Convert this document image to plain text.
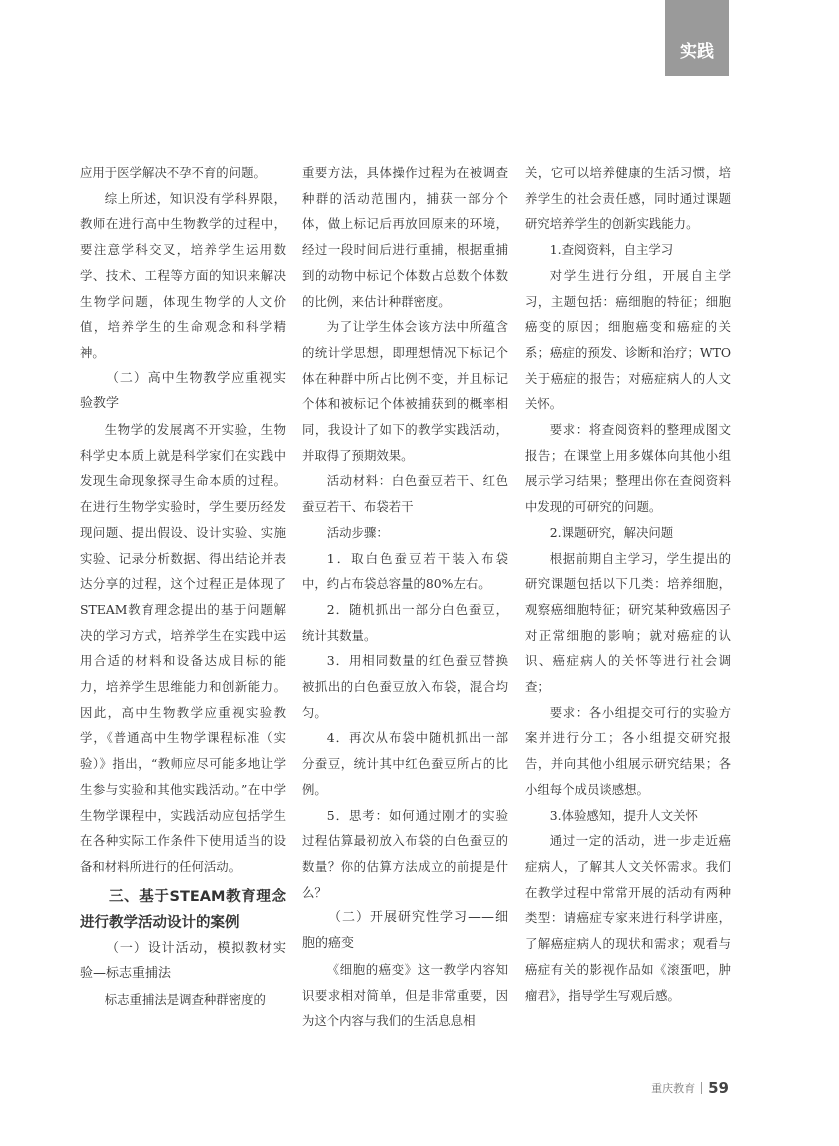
实践

应用于医学解决不孕不育的问题。

综上所述，知识没有学科界限，教师在进行高中生物教学的过程中，要注意学科交叉，培养学生运用数学、技术、工程等方面的知识来解决生物学问题，体现生物学的人文价值，培养学生的生命观念和科学精神。

（二）高中生物教学应重视实验教学

生物学的发展离不开实验，生物科学史本质上就是科学家们在实践中发现生命现象探寻生命本质的过程。在进行生物学实验时，学生要历经发现问题、提出假设、设计实验、实施实验、记录分析数据、得出结论并表达分享的过程，这个过程正是体现了STEAM教育理念提出的基于问题解决的学习方式，培养学生在实践中运用合适的材料和设备达成目标的能力，培养学生思维能力和创新能力。因此，高中生物教学应重视实验教学，《普通高中生物学课程标准（实验）》指出，“教师应尽可能多地让学生参与实验和其他实践活动。”在中学生物学课程中，实践活动应包括学生在各种实际工作条件下使用适当的设备和材料所进行的任何活动。

三、基于STEAM教育理念进行教学活动设计的案例

（一）设计活动，模拟教材实验—标志重捕法

标志重捕法是调查种群密度的

重要方法，具体操作过程为在被调查种群的活动范围内，捕获一部分个体，做上标记后再放回原来的环境，经过一段时间后进行重捕，根据重捕到的动物中标记个体数占总数个体数的比例，来估计种群密度。

为了让学生体会该方法中所蕴含的统计学思想，即理想情况下标记个体在种群中所占比例不变，并且标记个体和被标记个体被捕获到的概率相同，我设计了如下的教学实践活动，并取得了预期效果。

活动材料：白色蚕豆若干、红色蚕豆若干、布袋若干

活动步骤：

1．取白色蚕豆若干装入布袋中，约占布袋总容量的80%左右。

2．随机抓出一部分白色蚕豆，统计其数量。

3．用相同数量的红色蚕豆替换被抓出的白色蚕豆放入布袋，混合均匀。

4．再次从布袋中随机抓出一部分蚕豆，统计其中红色蚕豆所占的比例。

5．思考：如何通过刚才的实验过程估算最初放入布袋的白色蚕豆的数量？你的估算方法成立的前提是什么？

（二）开展研究性学习——细胞的癌变

《细胞的癌变》这一教学内容知识要求相对简单，但是非常重要，因为这个内容与我们的生活息息相

关，它可以培养健康的生活习惯，培养学生的社会责任感，同时通过课题研究培养学生的创新实践能力。

1.查阅资料，自主学习

对学生进行分组，开展自主学习，主题包括：癌细胞的特征；细胞癌变的原因；细胞癌变和癌症的关系；癌症的预发、诊断和治疗；WTO关于癌症的报告；对癌症病人的人文关怀。

要求：将查阅资料的整理成图文报告；在课堂上用多媒体向其他小组展示学习结果；整理出你在查阅资料中发现的可研究的问题。

2.课题研究，解决问题

根据前期自主学习，学生提出的研究课题包括以下几类：培养细胞，观察癌细胞特征；研究某种致癌因子对正常细胞的影响；就对癌症的认识、癌症病人的关怀等进行社会调查；

要求：各小组提交可行的实验方案并进行分工；各小组提交研究报告，并向其他小组展示研究结果；各小组每个成员谈感想。

3.体验感知，提升人文关怀

通过一定的活动，进一步走近癌症病人，了解其人文关怀需求。我们在教学过程中常常开展的活动有两种类型：请癌症专家来进行科学讲座，了解癌症病人的现状和需求；观看与癌症有关的影视作品如《滚蛋吧，肿瘤君》，指导学生写观后感。

重庆教育 59
